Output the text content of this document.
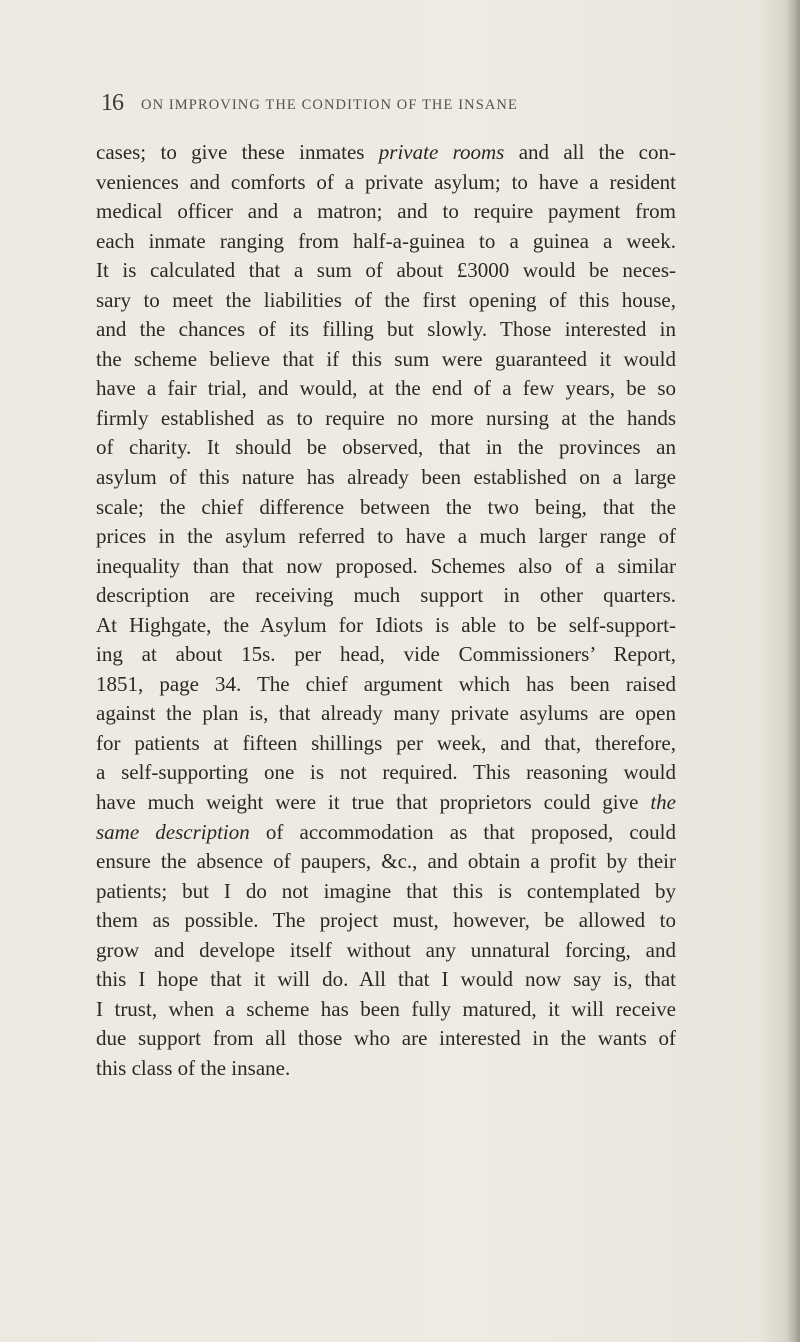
16 ON IMPROVING THE CONDITION OF THE INSANE
cases; to give these inmates private rooms and all the con-
veniences and comforts of a private asylum; to have a resident
medical officer and a matron; and to require payment from
each inmate ranging from half-a-guinea to a guinea a week.
It is calculated that a sum of about £3000 would be neces-
sary to meet the liabilities of the first opening of this house,
and the chances of its filling but slowly. Those interested in
the scheme believe that if this sum were guaranteed it would
have a fair trial, and would, at the end of a few years, be so
firmly established as to require no more nursing at the hands
of charity. It should be observed, that in the provinces an
asylum of this nature has already been established on a large
scale; the chief difference between the two being, that the
prices in the asylum referred to have a much larger range of
inequality than that now proposed. Schemes also of a similar
description are receiving much support in other quarters.
At Highgate, the Asylum for Idiots is able to be self-support-
ing at about 15s. per head, vide Commissioners’ Report,
1851, page 34. The chief argument which has been raised
against the plan is, that already many private asylums are open
for patients at fifteen shillings per week, and that, therefore,
a self-supporting one is not required. This reasoning would
have much weight were it true that proprietors could give the
same description of accommodation as that proposed, could
ensure the absence of paupers, &c., and obtain a profit by their
patients; but I do not imagine that this is contemplated by
them as possible. The project must, however, be allowed to
grow and develope itself without any unnatural forcing, and
this I hope that it will do. All that I would now say is, that
I trust, when a scheme has been fully matured, it will receive
due support from all those who are interested in the wants of
this class of the insane.
